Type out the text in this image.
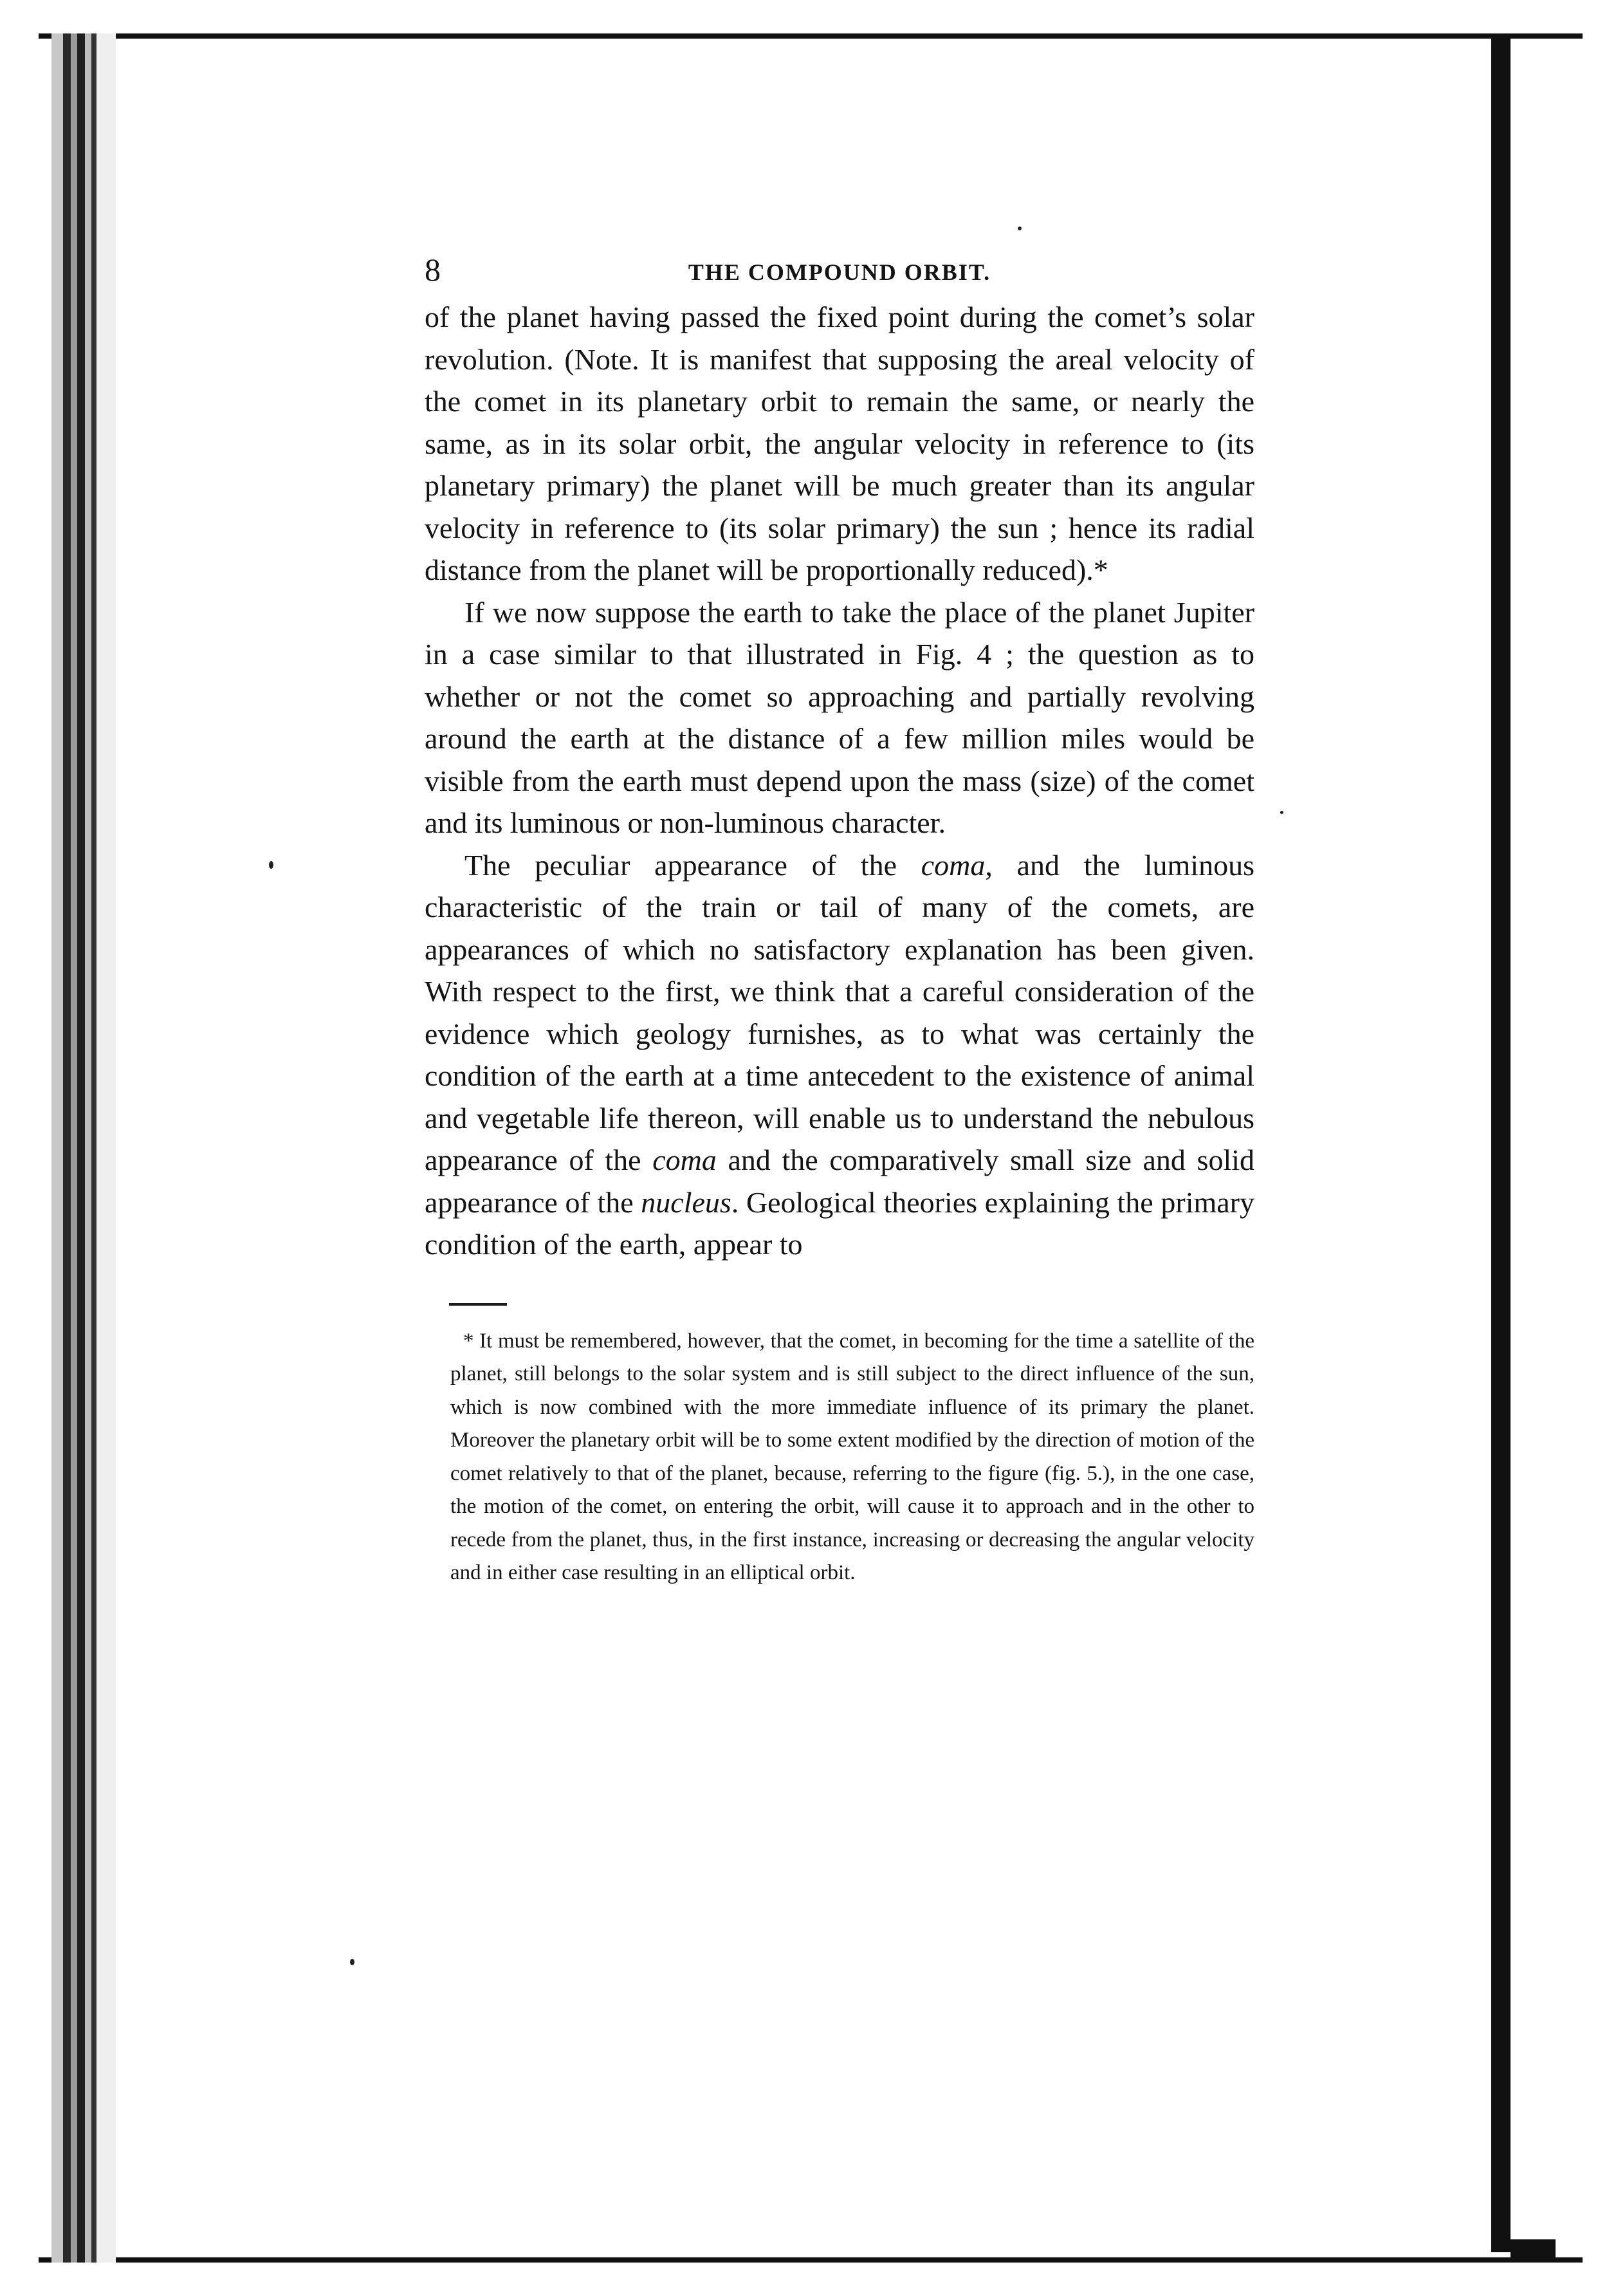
8	THE COMPOUND ORBIT.

of the planet having passed the fixed point during the comet’s solar revolution. (Note. It is manifest that supposing the areal velocity of the comet in its planetary orbit to remain the same, or nearly the same, as in its solar orbit, the angular velocity in reference to (its planetary primary) the planet will be much greater than its angular velocity in reference to (its solar primary) the sun ; hence its radial distance from the planet will be proportionally reduced).*

If we now suppose the earth to take the place of the planet Jupiter in a case similar to that illustrated in Fig. 4 ; the question as to whether or not the comet so approaching and partially revolving around the earth at the distance of a few million miles would be visible from the earth must depend upon the mass (size) of the comet and its luminous or non-luminous character.

The peculiar appearance of the coma, and the luminous characteristic of the train or tail of many of the comets, are appearances of which no satisfactory explanation has been given. With respect to the first, we think that a careful consideration of the evidence which geology furnishes, as to what was certainly the condition of the earth at a time antecedent to the existence of animal and vegetable life thereon, will enable us to understand the nebulous appearance of the coma and the comparatively small size and solid appearance of the nucleus. Geological theories explaining the primary condition of the earth, appear to

* It must be remembered, however, that the comet, in becoming for the time a satellite of the planet, still belongs to the solar system and is still subject to the direct influence of the sun, which is now combined with the more immediate influence of its primary the planet. Moreover the planetary orbit will be to some extent modified by the direction of motion of the comet relatively to that of the planet, because, referring to the figure (fig. 5.), in the one case, the motion of the comet, on entering the orbit, will cause it to approach and in the other to recede from the planet, thus, in the first instance, increasing or decreasing the angular velocity and in either case resulting in an elliptical orbit.
